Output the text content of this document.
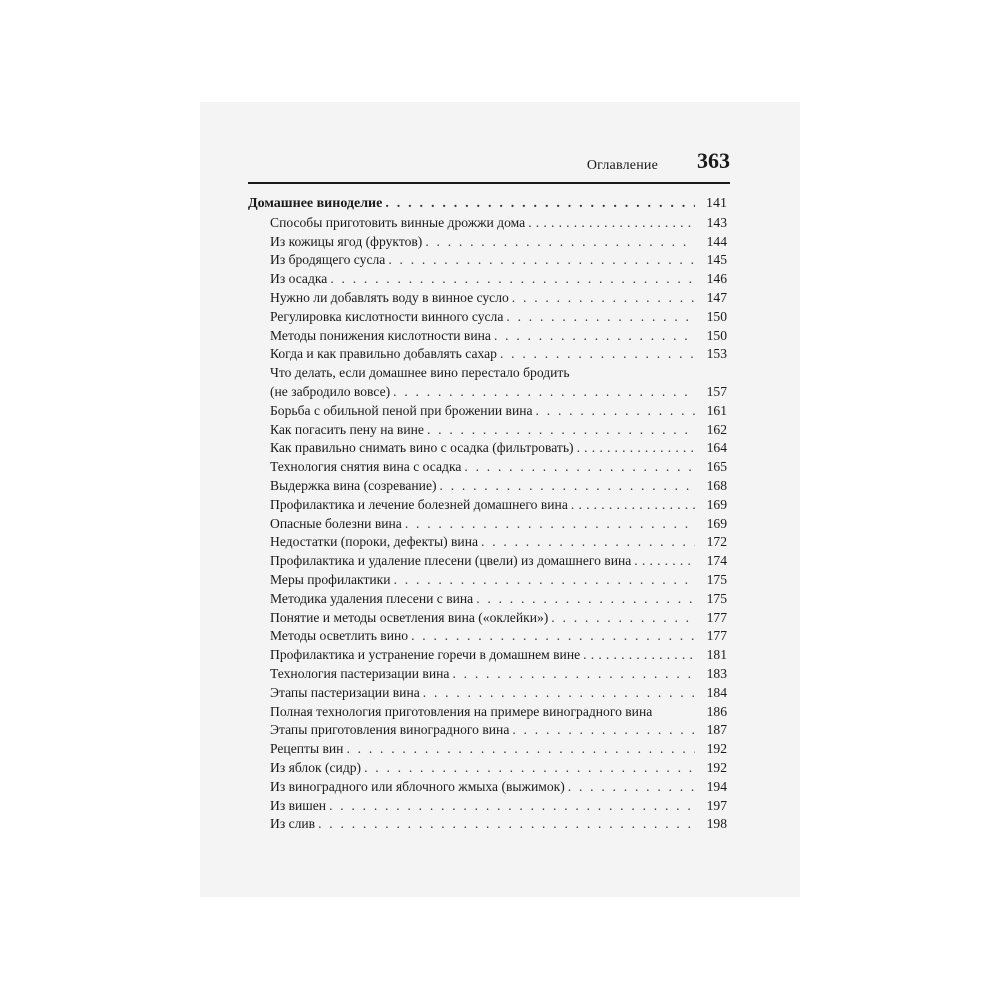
Оглавление 363
Домашнее виноделие . . .	141
Способы приготовить винные дрожжи дома . . .	143
Из кожицы ягод (фруктов) . . .	144
Из бродящего сусла . . .	145
Из осадка . . .	146
Нужно ли добавлять воду в винное сусло . . .	147
Регулировка кислотности винного сусла . . .	150
Методы понижения кислотности вина . . .	150
Когда и как правильно добавлять сахар . . .	153
Что делать, если домашнее вино перестало бродить
(не забродило вовсе) . . .	157
Борьба с обильной пеной при брожении вина . . .	161
Как погасить пену на вине . . .	162
Как правильно снимать вино с осадка (фильтровать) . . .	164
Технология снятия вина с осадка . . .	165
Выдержка вина (созревание) . . .	168
Профилактика и лечение болезней домашнего вина . . .	169
Опасные болезни вина . . .	169
Недостатки (пороки, дефекты) вина . . .	172
Профилактика и удаление плесени (цвели) из домашнего вина . . .	174
Меры профилактики . . .	175
Методика удаления плесени с вина . . .	175
Понятие и методы осветления вина («оклейки») . . .	177
Методы осветлить вино . . .	177
Профилактика и устранение горечи в домашнем вине . . .	181
Технология пастеризации вина . . .	183
Этапы пастеризации вина . . .	184
Полная технология приготовления на примере виноградного вина	186
Этапы приготовления виноградного вина . . .	187
Рецепты вин . . .	192
Из яблок (сидр) . . .	192
Из виноградного или яблочного жмыха (выжимок) . . .	194
Из вишен . . .	197
Из слив . . .	198
